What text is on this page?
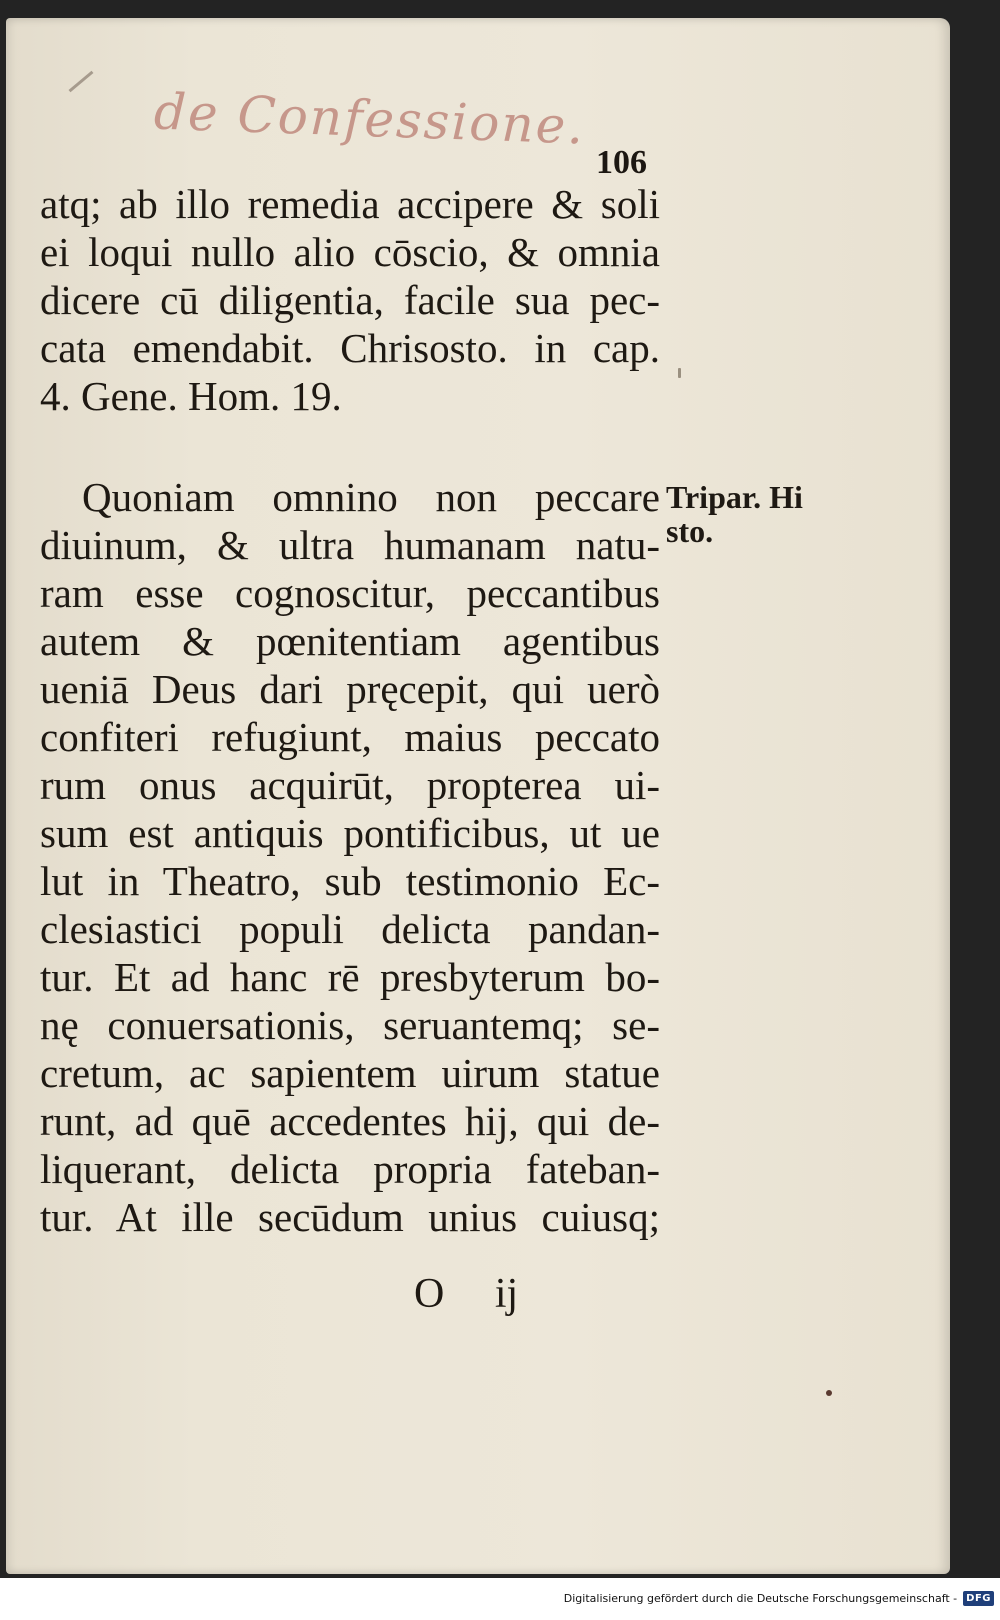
de Confessione.
106
atq; ab illo remedia accipere & soli
ei loqui nullo alio cōscio, & omnia
dicere cū diligentia, facile sua pec-
cata emendabit. Chrisosto. in cap.
4. Gene. Hom. 19.
Quoniam omnino non peccare
diuinum, & ultra humanam natu-
ram esse cognoscitur, peccantibus
autem & pœnitentiam agentibus
ueniā Deus dari pręcepit, qui uerò
confiteri refugiunt, maius peccato
rum onus acquirūt, propterea ui-
sum est antiquis pontificibus, ut ue
lut in Theatro, sub testimonio Ec-
clesiastici populi delicta pandan-
tur. Et ad hanc rē presbyterum bo-
nę conuersationis, seruantemq; se-
cretum, ac sapientem uirum statue
runt, ad quē accedentes hij, qui de-
liquerant, delicta propria fateban-
tur. At ille secūdum unius cuiusq;
Tripar. Hi
sto.
O ij
Digitalisierung gefördert durch die Deutsche Forschungsgemeinschaft - DFG
